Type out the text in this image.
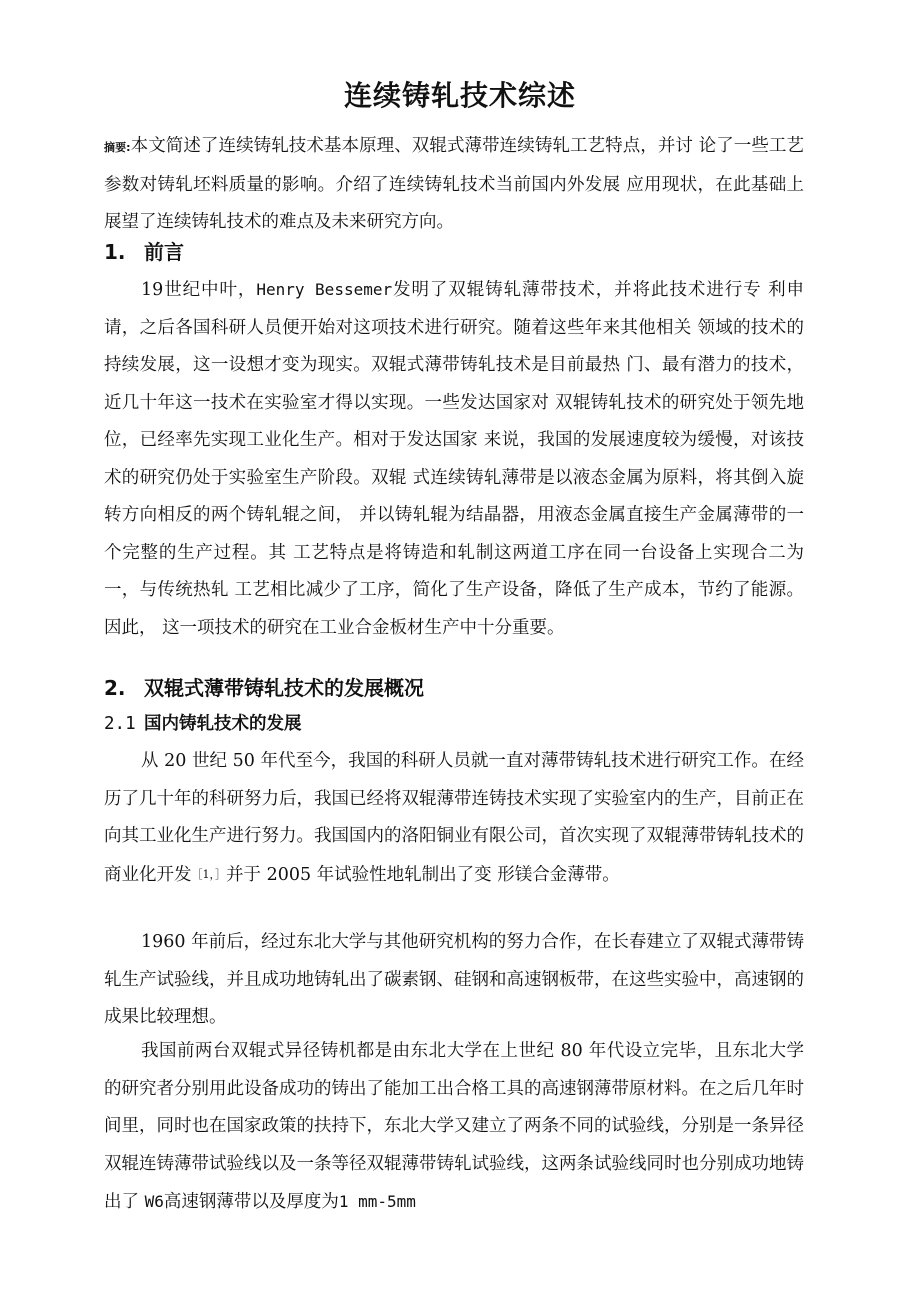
连续铸轧技术综述

摘要:本文简述了连续铸轧技术基本原理、双辊式薄带连续铸轧工艺特点，并讨 论了一些工艺参数对铸轧坯料质量的影响。介绍了连续铸轧技术当前国内外发展 应用现状，在此基础上展望了连续铸轧技术的难点及未来研究方向。

1. 前言

19世纪中叶，Henry Bessemer发明了双辊铸轧薄带技术，并将此技术进行专 利申请，之后各国科研人员便开始对这项技术进行研究。随着这些年来其他相关 领域的技术的持续发展，这一设想才变为现实。双辊式薄带铸轧技术是目前最热 门、最有潜力的技术，近几十年这一技术在实验室才得以实现。一些发达国家对 双辊铸轧技术的研究处于领先地位，已经率先实现工业化生产。相对于发达国家 来说，我国的发展速度较为缓慢，对该技术的研究仍处于实验室生产阶段。双辊 式连续铸轧薄带是以液态金属为原料，将其倒入旋转方向相反的两个铸轧辊之间， 并以铸轧辊为结晶器，用液态金属直接生产金属薄带的一个完整的生产过程。其 工艺特点是将铸造和轧制这两道工序在同一台设备上实现合二为一，与传统热轧 工艺相比减少了工序，简化了生产设备，降低了生产成本，节约了能源。因此， 这一项技术的研究在工业合金板材生产中十分重要。

2. 双辊式薄带铸轧技术的发展概况
2.1 国内铸轧技术的发展

从 20 世纪 50 年代至今，我国的科研人员就一直对薄带铸轧技术进行研究工作。在经历了几十年的科研努力后，我国已经将双辊薄带连铸技术实现了实验室内的生产，目前正在向其工业化生产进行努力。我国国内的洛阳铜业有限公司，首次实现了双辊薄带铸轧技术的商业化开发［1，］并于 2005 年试验性地轧制出了变 形镁合金薄带。

1960 年前后，经过东北大学与其他研究机构的努力合作，在长春建立了双辊式薄带铸轧生产试验线，并且成功地铸轧出了碳素钢、硅钢和高速钢板带，在这些实验中，高速钢的成果比较理想。

我国前两台双辊式异径铸机都是由东北大学在上世纪 80 年代设立完毕，且东北大学的研究者分别用此设备成功的铸出了能加工出合格工具的高速钢薄带原材料。在之后几年时间里，同时也在国家政策的扶持下，东北大学又建立了两条不同的试验线，分别是一条异径双辊连铸薄带试验线以及一条等径双辊薄带铸轧试验线，这两条试验线同时也分别成功地铸出了 W6高速钢薄带以及厚度为1 mm-5mm
